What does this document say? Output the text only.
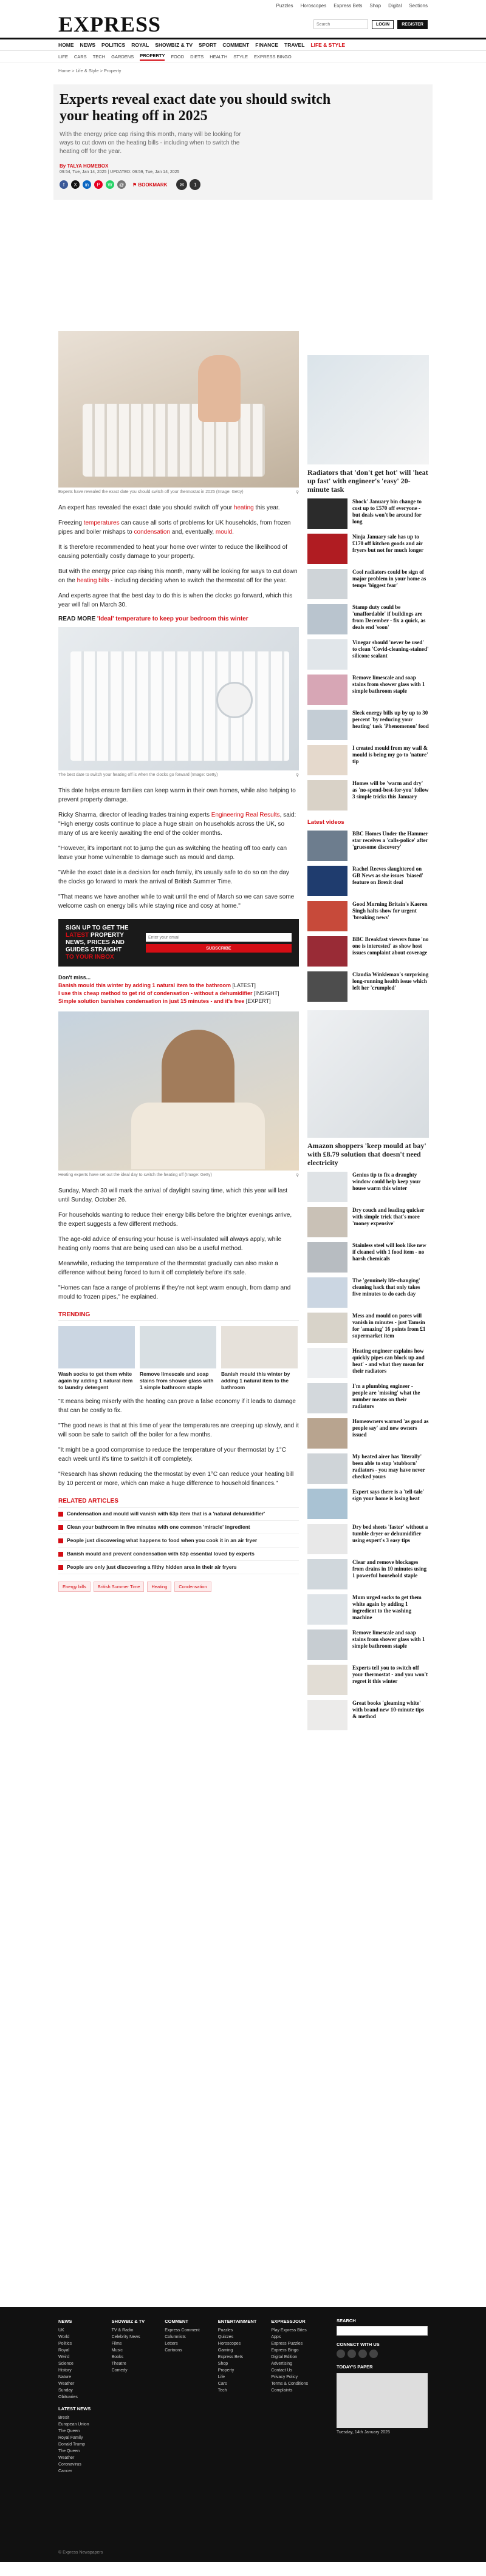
Puzzles Horoscopes Express Bets Shop Digital Sections
EXPRESS
Search	LOGIN	REGISTER
HOME NEWS POLITICS ROYAL SHOWBIZ & TV SPORT COMMENT FINANCE TRAVEL LIFE & STYLE
LIFE CARS TECH GARDENS PROPERTY FOOD DIETS HEALTH STYLE EXPRESS BINGO
Home > Life & Style > Property
Experts reveal exact date you should switch your heating off in 2025

With the energy price cap rising this month, many will be looking for ways to cut down on the heating bills - including when to switch the heating off for the year.

By TALYA HOMEBOX
09:54, Tue, Jan 14, 2025 | UPDATED: 09:59, Tue, Jan 14, 2025
f	X	in	P	W	@	⚑ BOOKMARK	✉	1
Experts have revealed the exact date you should switch off your thermostat in 2025 (Image: Getty)	⚲

An expert has revealed the exact date you should switch off your heating this year.

Freezing temperatures can cause all sorts of problems for UK households, from frozen pipes and boiler mishaps to condensation and, eventually, mould.

It is therefore recommended to heat your home over winter to reduce the likelihood of causing potentially costly damage to your property.

But with the energy price cap rising this month, many will be looking for ways to cut down on the heating bills - including deciding when to switch the thermostat off for the year.

And experts agree that the best day to do this is when the clocks go forward, which this year will fall on March 30.

READ MORE 'Ideal' temperature to keep your bedroom this winter

The best date to switch your heating off is when the clocks go forward (Image: Getty)	⚲

This date helps ensure families can keep warm in their own homes, while also helping to prevent property damage.

Ricky Sharma, director of leading trades training experts Engineering Real Results, said: "High energy costs continue to place a huge strain on households across the UK, so many of us are keenly awaiting the end of the colder months.

"However, it's important not to jump the gun as switching the heating off too early can leave your home vulnerable to damage such as mould and damp.

"While the exact date is a decision for each family, it's usually safe to do so on the day the clocks go forward to mark the arrival of British Summer Time.

"That means we have another while to wait until the end of March so we can save some welcome cash on energy bills while staying nice and cosy at home."

SIGN UP TO GET THE
LATEST PROPERTY NEWS, PRICES AND GUIDES STRAIGHT
TO YOUR INBOX
Enter your email
SUBSCRIBE
Don't miss...
Banish mould this winter by adding 1 natural item to the bathroom [LATEST]
I use this cheap method to get rid of condensation - without a dehumidifier [INSIGHT]
Simple solution banishes condensation in just 15 minutes - and it's free [EXPERT]
Heating experts have set out the ideal day to switch the heating off (Image: Getty)	⚲

Sunday, March 30 will mark the arrival of daylight saving time, which this year will last until Sunday, October 26.

For households wanting to reduce their energy bills before the brighter evenings arrive, the expert suggests a few different methods.

The age-old advice of ensuring your house is well-insulated will always apply, while heating only rooms that are being used can also be a useful method.

Meanwhile, reducing the temperature of the thermostat gradually can also make a difference without being forced to turn it off completely before it's safe.

"Homes can face a range of problems if they're not kept warm enough, from damp and mould to frozen pipes," he explained.

TRENDING
Wash socks to get them white again by adding 1 natural item to laundry detergent
Remove limescale and soap stains from shower glass with 1 simple bathroom staple
Banish mould this winter by adding 1 natural item to the bathroom

"It means being miserly with the heating can prove a false economy if it leads to damage that can be costly to fix.

"The good news is that at this time of year the temperatures are creeping up slowly, and it will soon be safe to switch off the boiler for a few months.

"It might be a good compromise to reduce the temperature of your thermostat by 1°C each week until it's time to switch it off completely.

"Research has shown reducing the thermostat by even 1°C can reduce your heating bill by 10 percent or more, which can make a huge difference to household finances."

RELATED ARTICLES
Condensation and mould will vanish with 63p item that is a 'natural dehumidifier'
Clean your bathroom in five minutes with one common 'miracle' ingredient
People just discovering what happens to food when you cook it in an air fryer
Banish mould and prevent condensation with 63p essential loved by experts
People are only just discovering a filthy hidden area in their air fryers
Energy bills	British Summer Time	Heating	Condensation
Radiators that 'don't get hot' will 'heat up fast' with engineer's 'easy' 20-minute task
Shock' January bin change to cost up to £570 off everyone - but deals won't be around for long
Ninja January sale has up to £170 off kitchen goods and air fryers but not for much longer
Cool radiators could be sign of major problem in your home as temps 'biggest fear'
Stamp duty could be 'unaffordable' if buildings are from December - fix a quick, as deals end 'soon'
Vinegar should 'never be used' to clean 'Covid-cleaning-stained' silicone sealant
Remove limescale and soap stains from shower glass with 1 simple bathroom staple
Sleek energy bills up by up to 30 percent 'by reducing your heating' task 'Phenomenon' food
I created mould from my wall & mould is being my go-to 'nature' tip
Homes will be 'warm and dry' as 'no-spend-best-for-you' follow 3 simple tricks this January
Latest videos
BBC Homes Under the Hammer star receives a 'calls-police' after 'gruesome discovery'
Rachel Reeves slaughtered on GB News as she issues 'biased' feature on Brexit deal
Good Morning Britain's Kaeren Singh halts show for urgent 'breaking news'
BBC Breakfast viewers fume 'no one is interested' as show host issues complaint about coverage
Claudia Winkleman's surprising long-running health issue which left her 'crumpled'
Amazon shoppers 'keep mould at bay' with £8.79 solution that doesn't need electricity
Genius tip to fix a draughty window could help keep your house warm this winter
Dry couch and leading quicker with simple trick that's more 'money expensive'
Stainless steel will look like new if cleaned with 1 food item - no harsh chemicals
The 'genuinely life-changing' cleaning hack that only takes five minutes to do each day
Mess and mould on pores will vanish in minutes - just Tamsin for 'amazing' 16 points from £1 supermarket item
Heating engineer explains how quickly pipes can block up and heat' - and what they mean for their radiators
I'm a plumbing engineer - people are 'missing' what the number means on their radiators
Homeowners warned 'as good as people say' and new owners issued
My heated airer has 'literally' been able to stop 'stubborn' radiators - you may have never checked yours
Expert says there is a 'tell-tale' sign your home is losing heat
Dry bed sheets 'faster' without a tumble dryer or dehumidifier using expert's 3 easy tips
Clear and remove blockages from drains in 10 minutes using 1 powerful household staple
Mum urged socks to get them white again by adding 1 ingredient to the washing machine
Remove limescale and soap stains from shower glass with 1 simple bathroom staple
Experts tell you to switch off your thermostat - and you won't regret it this winter
Great books 'gleaming white' with brand new 10-minute tips & method
NEWS
UK
World
Politics
Royal
Weird
Science
History
Nature
Weather
Sunday
Obituaries
LATEST NEWS
Brexit
European Union
The Queen
Royal Family
Donald Trump
The Queen
Weather
Coronavirus
Cancer
SHOWBIZ & TV
TV & Radio
Celebrity News
Films
Music
Books
Theatre
Comedy
COMMENT
Express Comment
Columnists
Letters
Cartoons
ENTERTAINMENT
Puzzles
Quizzes
Horoscopes
Gaming
Express Bets
Shop
Property
Life
Cars
Tech
EXPRESSJOUR
Play Express Bites
Apps
Express Puzzles
Express Bingo
Digital Edition
Advertising
Contact Us
Privacy Policy
Terms & Conditions
Complaints
SEARCH
CONNECT WITH US
TODAY'S PAPER
Tuesday, 14th January 2025
© Express Newspapers
